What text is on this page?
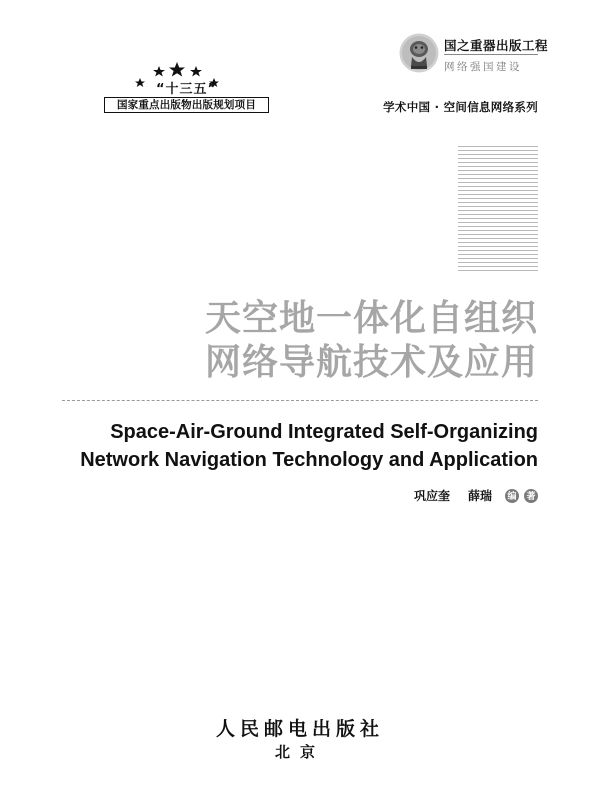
“十三五”
国家重点出版物出版规划项目
国之重器出版工程
网络强国建设
学术中国 · 空间信息网络系列
天空地一体化自组织
网络导航技术及应用
Space-Air-Ground Integrated Self-Organizing
Network Navigation Technology and Application
巩应奎 薛瑞 编 著
人民邮电出版社
北京
